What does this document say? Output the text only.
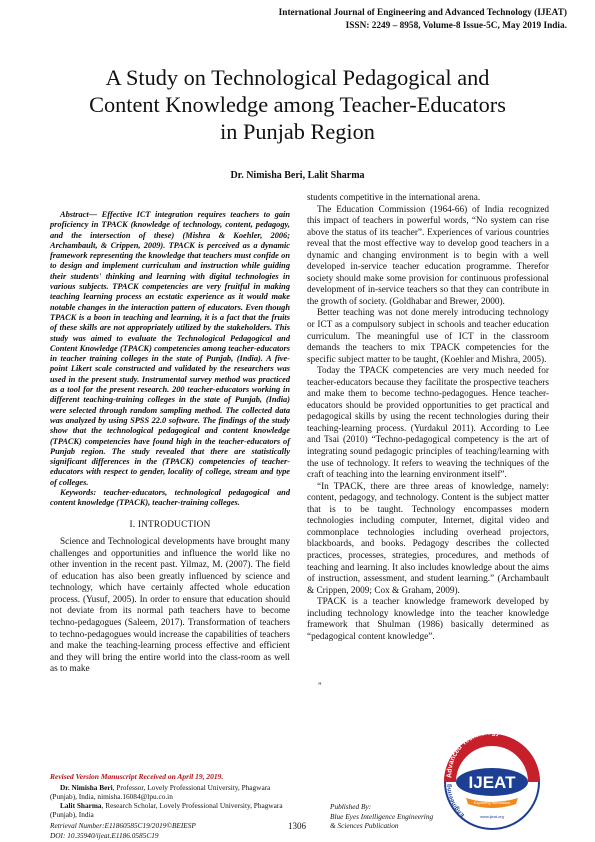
International Journal of Engineering and Advanced Technology (IJEAT)
ISSN: 2249 – 8958, Volume-8 Issue-5C, May 2019 India.
A Study on Technological Pedagogical and
Content Knowledge among Teacher-Educators
in Punjab Region
Dr. Nimisha Beri, Lalit Sharma

Abstract— Effective ICT integration requires teachers to gain proficiency in TPACK (knowledge of technology, content, pedagogy, and the intersection of these) (Mishra & Koehler, 2006; Archambault, & Crippen, 2009). TPACK is perceived as a dynamic framework representing the knowledge that teachers must confide on to design and implement curriculum and instruction while guiding their students' thinking and learning with digital technologies in various subjects. TPACK competencies are very fruitful in making teaching learning process an ecstatic experience as it would make notable changes in the interaction pattern of educators. Even though TPACK is a boon in teaching and learning, it is a fact that the fruits of these skills are not appropriately utilized by the stakeholders. This study was aimed to evaluate the Technological Pedagogical and Content Knowledge (TPACK) competencies among teacher-educators in teacher training colleges in the state of Punjab, (India). A five-point Likert scale constructed and validated by the researchers was used in the present study. Instrumental survey method was practiced as a tool for the present research. 200 teacher-educators working in different teaching-training colleges in the state of Punjab, (India) were selected through random sampling method. The collected data was analyzed by using SPSS 22.0 software. The findings of the study show that the technological pedagogical and content knowledge (TPACK) competencies have found high in the teacher-educators of Punjab region. The study revealed that there are statistically significant differences in the (TPACK) competencies of teacher-educators with respect to gender, locality of college, stream and type of colleges.

Keywords: teacher-educators, technological pedagogical and content knowledge (TPACK), teacher-training colleges.

I. INTRODUCTION

Science and Technological developments have brought many challenges and opportunities and influence the world like no other invention in the recent past. Yilmaz, M. (2007). The field of education has also been greatly influenced by science and technology, which have certainly affected whole education process. (Yusuf, 2005). In order to ensure that education should not deviate from its normal path teachers have to become techno-pedagogues (Saleem, 2017). Transformation of teachers to techno-pedagogues would increase the capabilities of teachers and make the teaching-learning process effective and efficient and they will bring the entire world into the class-room as well as to make

students competitive in the international arena.

The Education Commission (1964-66) of India recognized this impact of teachers in powerful words, “No system can rise above the status of its teacher”. Experiences of various countries reveal that the most effective way to develop good teachers in a dynamic and changing environment is to begin with a well developed in-service teacher education programme. Therefor society should make some provision for continuous professional development of in-service teachers so that they can contribute in the growth of society. (Goldhabar and Brewer, 2000).

Better teaching was not done merely introducing technology or ICT as a compulsory subject in schools and teacher education curriculum. The meaningful use of ICT in the classroom demands the teachers to mix TPACK competencies for the specific subject matter to be taught, (Koehler and Mishra, 2005).

Today the TPACK competencies are very much needed for teacher-educators because they facilitate the prospective teachers and make them to become techno-pedagogues. Hence teacher-educators should be provided opportunities to get practical and pedagogical skills by using the recent technologies during their teaching-learning process. (Yurdakul 2011). According to Lee and Tsai (2010) “Techno-pedagogical competency is the art of integrating sound pedagogic principles of teaching/learning with the use of technology. It refers to weaving the techniques of the craft of teaching into the learning environment itself”.

“In TPACK, there are three areas of knowledge, namely: content, pedagogy, and technology. Content is the subject matter that is to be taught. Technology encompasses modern technologies including computer, Internet, digital video and commonplace technologies including overhead projectors, blackboards, and books. Pedagogy describes the collected practices, processes, strategies, procedures, and methods of teaching and learning. It also includes knowledge about the aims of instruction, assessment, and student learning.” (Archambault & Crippen, 2009; Cox & Graham, 2009).

TPACK is a teacher knowledge framework developed by including technology knowledge into the teacher knowledge framework that Shulman (1986) basically determined as “pedagogical content knowledge”.

”
Revised Version Manuscript Received on April 19, 2019.

Dr. Nimisha Beri, Professor, Lovely Professional University, Phagwara (Punjab), India, nimisha.16084@lpu.co.in

Lalit Sharma, Research Scholar, Lovely Professional University, Phagwara (Punjab), India

Retrieval Number:E11860585C19/2019©BEIESP
DOI: 10.35940/ijeat.E1186.0585C19
1306
Published By:
Blue Eyes Intelligence Engineering
& Sciences Publication
Advanced Technology
Engineering IJEAT
Exploring Innovation
www.ijeat.org
